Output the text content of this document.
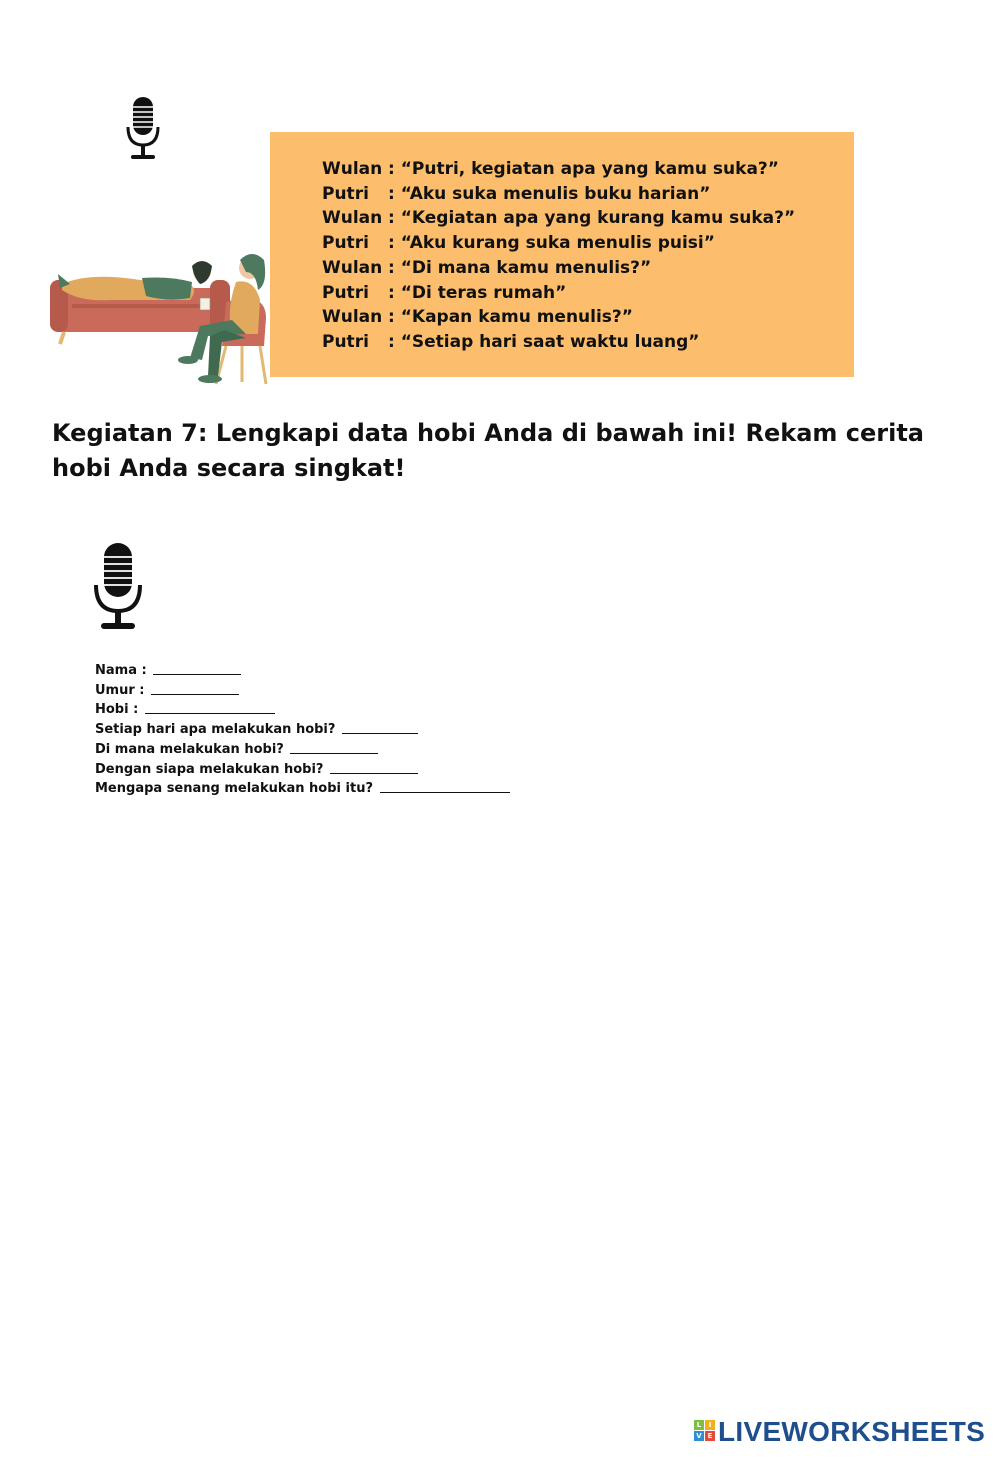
Wulan : “Putri, kegiatan apa yang kamu suka?”
Putri : “Aku suka menulis buku harian”
Wulan : “Kegiatan apa yang kurang kamu suka?”
Putri : “Aku kurang suka menulis puisi”
Wulan : “Di mana kamu menulis?”
Putri : “Di teras rumah”
Wulan : “Kapan kamu menulis?”
Putri : “Setiap hari saat waktu luang”
Kegiatan 7: Lengkapi data hobi Anda di bawah ini! Rekam cerita hobi Anda secara singkat!
Nama :
Umur :
Hobi :
Setiap hari apa melakukan hobi?
Di mana melakukan hobi?
Dengan siapa melakukan hobi?
Mengapa senang melakukan hobi itu?
L	I
V E LIVEWORKSHEETS
